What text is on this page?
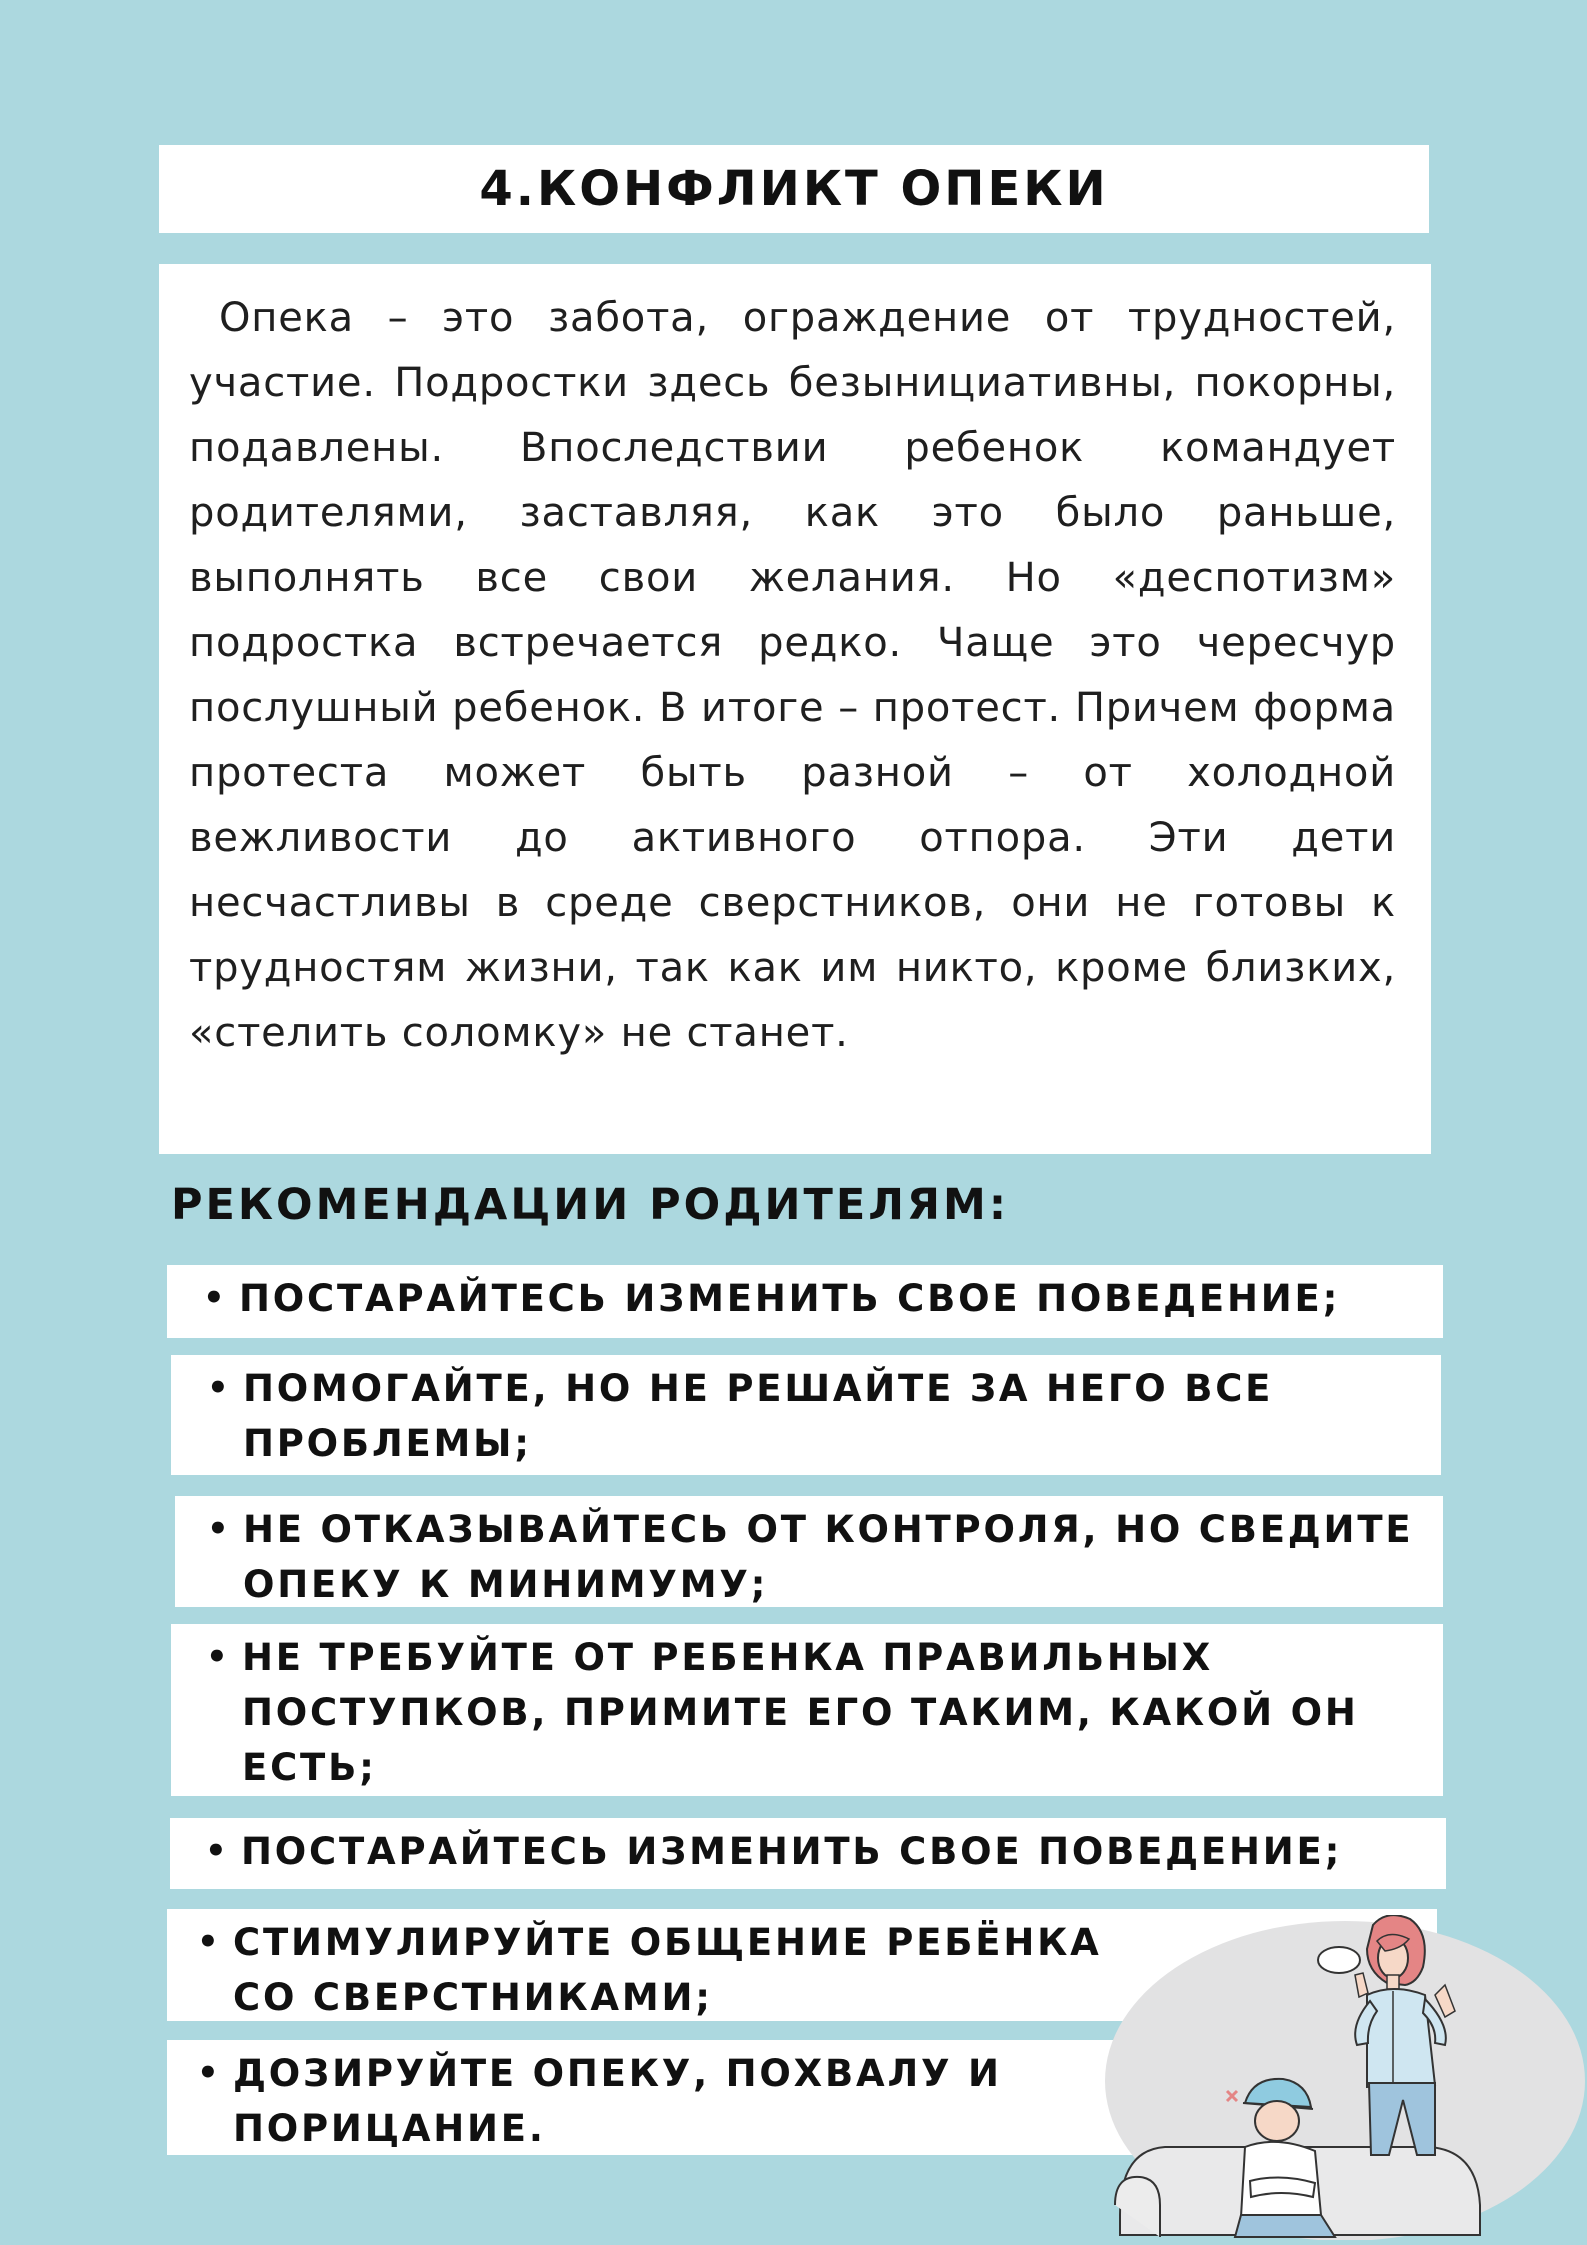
4.КОНФЛИКТ ОПЕКИ

Опека – это забота, ограждение от трудностей, участие. Подростки здесь безынициативны, покорны, подавлены. Впоследствии ребенок командует родителями, заставляя, как это было раньше, выполнять все свои желания. Но «деспотизм» подростка встречается редко. Чаще это чересчур послушный ребенок. В итоге – протест. Причем форма протеста может быть разной – от холодной вежливости до активного отпора. Эти дети несчастливы в среде сверстников, они не готовы к трудностям жизни, так как им никто, кроме близких, «стелить соломку» не станет.

РЕКОМЕНДАЦИИ РОДИТЕЛЯМ:
• ПОСТАРАЙТЕСЬ ИЗМЕНИТЬ СВОЕ ПОВЕДЕНИЕ;
• ПОМОГАЙТЕ, НО НЕ РЕШАЙТЕ ЗА НЕГО ВСЕ ПРОБЛЕМЫ;
• НЕ ОТКАЗЫВАЙТЕСЬ ОТ КОНТРОЛЯ, НО СВЕДИТЕ ОПЕКУ К МИНИМУМУ;
• НЕ ТРЕБУЙТЕ ОТ РЕБЕНКА ПРАВИЛЬНЫХ ПОСТУПКОВ, ПРИМИТЕ ЕГО ТАКИМ, КАКОЙ ОН ЕСТЬ;
• ПОСТАРАЙТЕСЬ ИЗМЕНИТЬ СВОЕ ПОВЕДЕНИЕ;
• СТИМУЛИРУЙТЕ ОБЩЕНИЕ РЕБЁНКА СО СВЕРСТНИКАМИ;
• ДОЗИРУЙТЕ ОПЕКУ, ПОХВАЛУ И ПОРИЦАНИЕ.
